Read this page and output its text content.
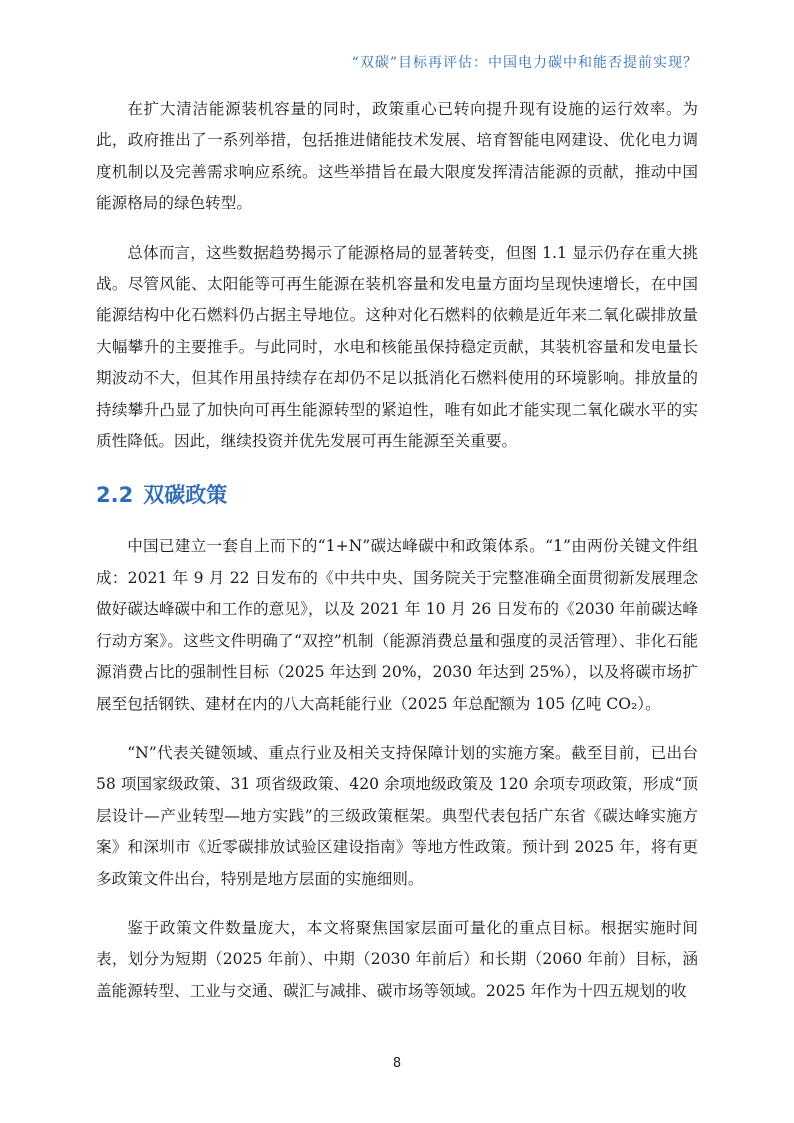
“双碳”目标再评估：中国电力碳中和能否提前实现？

在扩大清洁能源装机容量的同时，政策重心已转向提升现有设施的运行效率。为此，政府推出了一系列举措，包括推进储能技术发展、培育智能电网建设、优化电力调度机制以及完善需求响应系统。这些举措旨在最大限度发挥清洁能源的贡献，推动中国能源格局的绿色转型。

总体而言，这些数据趋势揭示了能源格局的显著转变，但图 1.1 显示仍存在重大挑战。尽管风能、太阳能等可再生能源在装机容量和发电量方面均呈现快速增长，在中国能源结构中化石燃料仍占据主导地位。这种对化石燃料的依赖是近年来二氧化碳排放量大幅攀升的主要推手。与此同时，水电和核能虽保持稳定贡献，其装机容量和发电量长期波动不大，但其作用虽持续存在却仍不足以抵消化石燃料使用的环境影响。排放量的持续攀升凸显了加快向可再生能源转型的紧迫性，唯有如此才能实现二氧化碳水平的实质性降低。因此，继续投资并优先发展可再生能源至关重要。

2.2 双碳政策

中国已建立一套自上而下的“1+N”碳达峰碳中和政策体系。“1”由两份关键文件组成：2021 年 9 月 22 日发布的《中共中央、国务院关于完整准确全面贯彻新发展理念做好碳达峰碳中和工作的意见》，以及 2021 年 10 月 26 日发布的《2030 年前碳达峰行动方案》。这些文件明确了“双控”机制（能源消费总量和强度的灵活管理）、非化石能源消费占比的强制性目标（2025 年达到 20%，2030 年达到 25%），以及将碳市场扩展至包括钢铁、建材在内的八大高耗能行业（2025 年总配额为 105 亿吨 CO₂）。

“N”代表关键领域、重点行业及相关支持保障计划的实施方案。截至目前，已出台 58 项国家级政策、31 项省级政策、420 余项地级政策及 120 余项专项政策，形成“顶层设计—产业转型—地方实践”的三级政策框架。典型代表包括广东省《碳达峰实施方案》和深圳市《近零碳排放试验区建设指南》等地方性政策。预计到 2025 年，将有更多政策文件出台，特别是地方层面的实施细则。

鉴于政策文件数量庞大，本文将聚焦国家层面可量化的重点目标。根据实施时间表，划分为短期（2025 年前）、中期（2030 年前后）和长期（2060 年前）目标，涵盖能源转型、工业与交通、碳汇与减排、碳市场等领域。2025 年作为十四五规划的收

8
